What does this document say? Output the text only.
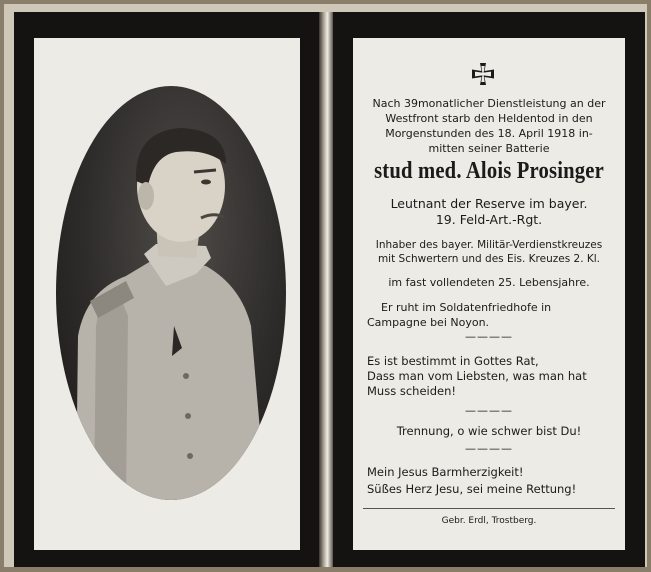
Nach 39monatlicher Dienstleistung an der
Westfront starb den Heldentod in den
Morgenstunden des 18. April 1918 in-
mitten seiner Batterie
stud med. Alois Prosinger
Leutnant der Reserve im bayer.
19. Feld-Art.-Rgt.
Inhaber des bayer. Militär-Verdienstkreuzes
mit Schwertern und des Eis. Kreuzes 2. Kl.
im fast vollendeten 25. Lebensjahre.
Er ruht im Soldatenfriedhofe in
Campagne bei Noyon.
————
Es ist bestimmt in Gottes Rat,
Dass man vom Liebsten, was man hat
Muss scheiden!
————
Trennung, o wie schwer bist Du!
————
Mein Jesus Barmherzigkeit!
Süßes Herz Jesu, sei meine Rettung!
Gebr. Erdl, Trostberg.
